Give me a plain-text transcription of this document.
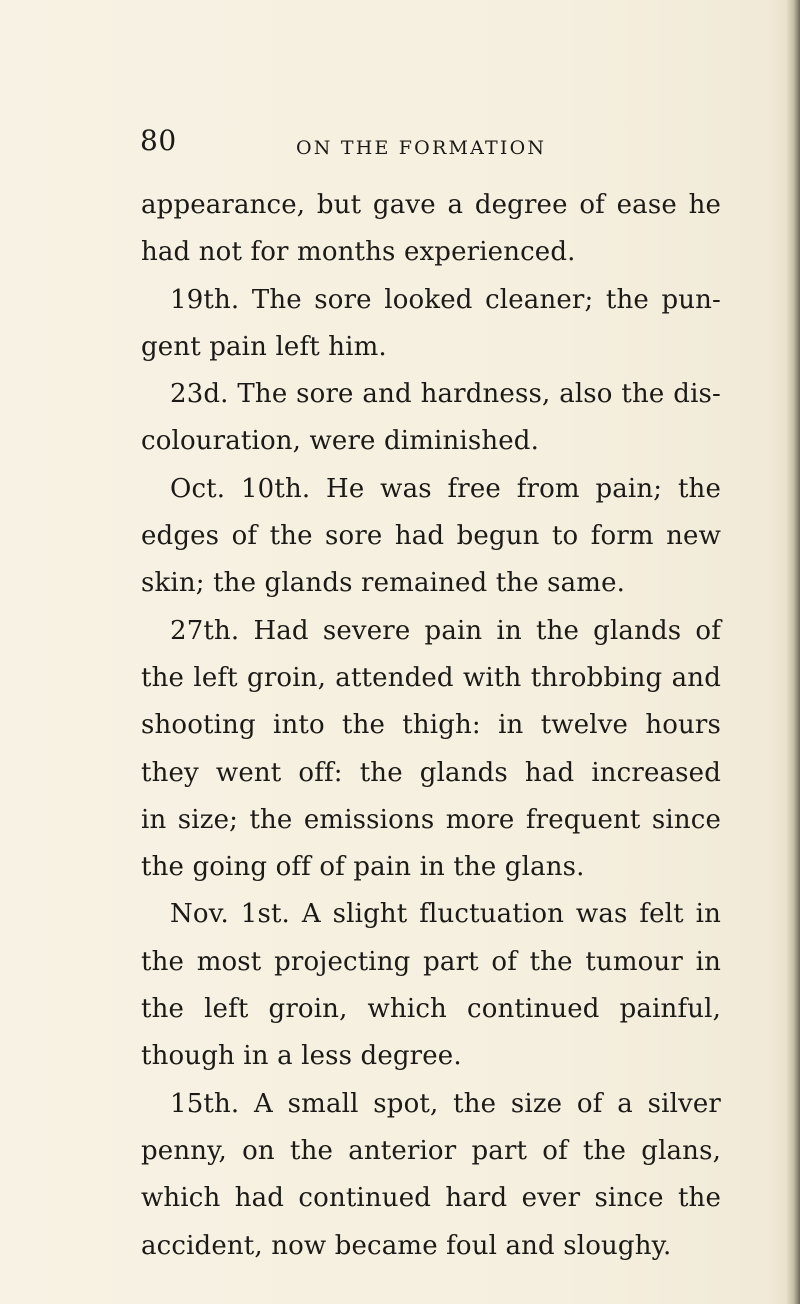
80	ON THE FORMATION
appearance, but gave a degree of ease he
had not for months experienced.
19th. The sore looked cleaner; the pun-
gent pain left him.
23d. The sore and hardness, also the dis-
colouration, were diminished.
Oct. 10th. He was free from pain; the
edges of the sore had begun to form new
skin; the glands remained the same.
27th. Had severe pain in the glands of
the left groin, attended with throbbing and
shooting into the thigh: in twelve hours
they went off: the glands had increased
in size; the emissions more frequent since
the going off of pain in the glans.
Nov. 1st. A slight fluctuation was felt in
the most projecting part of the tumour in
the left groin, which continued painful,
though in a less degree.
15th. A small spot, the size of a silver
penny, on the anterior part of the glans,
which had continued hard ever since the
accident, now became foul and sloughy.
